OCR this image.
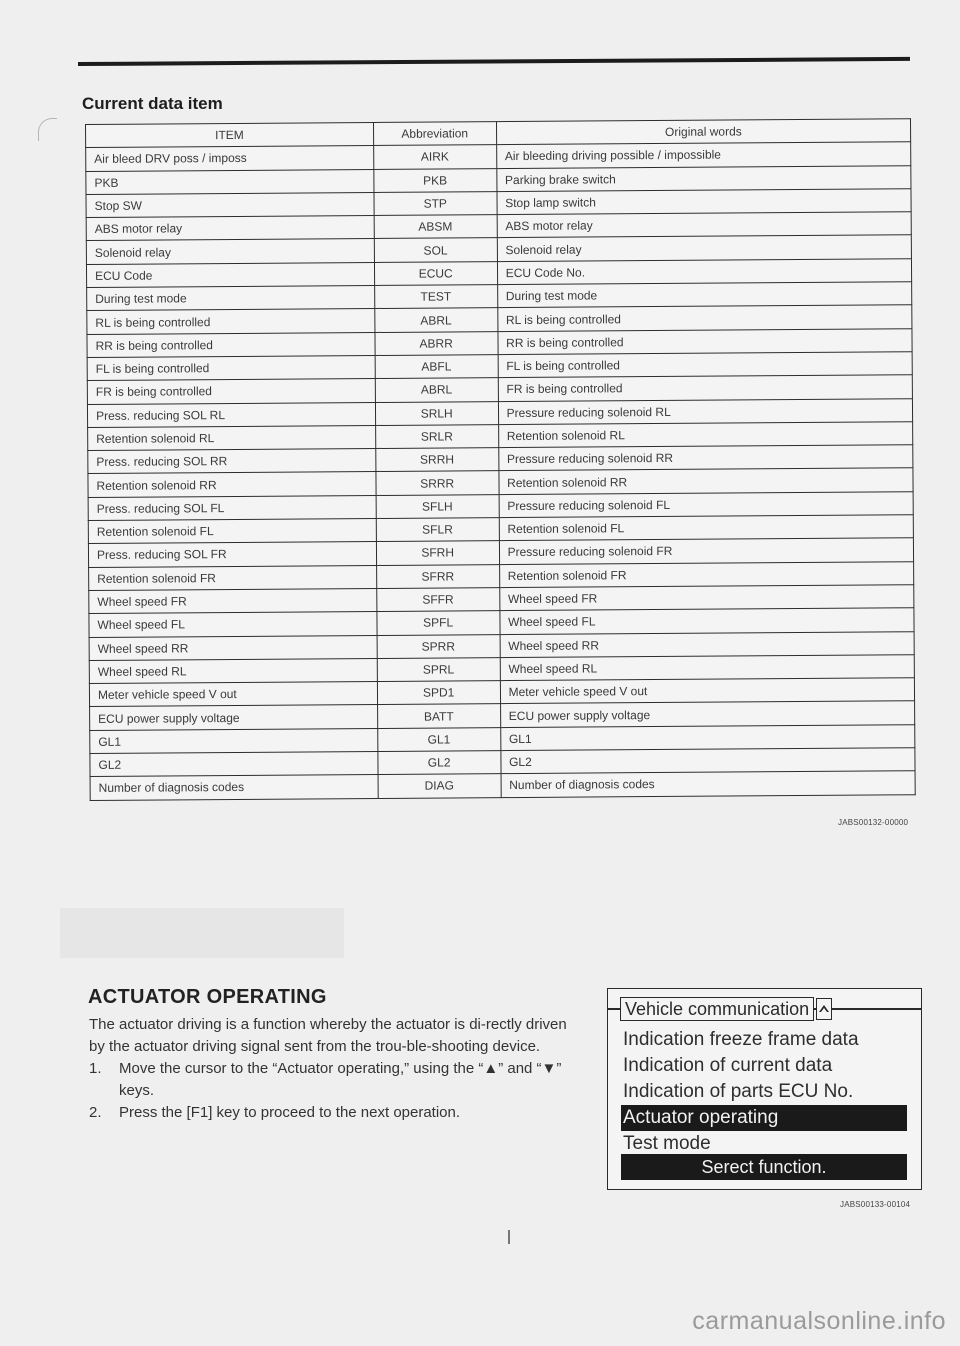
Current data item
ITEM	Abbreviation	Original words
Air bleed DRV poss / imposs	AIRK	Air bleeding driving possible / impossible
PKB	PKB	Parking brake switch
Stop SW	STP	Stop lamp switch
ABS motor relay	ABSM	ABS motor relay
Solenoid relay	SOL	Solenoid relay
ECU Code	ECUC	ECU Code No.
During test mode	TEST	During test mode
RL is being controlled	ABRL	RL is being controlled
RR is being controlled	ABRR	RR is being controlled
FL is being controlled	ABFL	FL is being controlled
FR is being controlled	ABRL	FR is being controlled
Press. reducing SOL RL	SRLH	Pressure reducing solenoid RL
Retention solenoid RL	SRLR	Retention solenoid RL
Press. reducing SOL RR	SRRH	Pressure reducing solenoid RR
Retention solenoid RR	SRRR	Retention solenoid RR
Press. reducing SOL FL	SFLH	Pressure reducing solenoid FL
Retention solenoid FL	SFLR	Retention solenoid FL
Press. reducing SOL FR	SFRH	Pressure reducing solenoid FR
Retention solenoid FR	SFRR	Retention solenoid FR
Wheel speed FR	SFFR	Wheel speed FR
Wheel speed FL	SPFL	Wheel speed FL
Wheel speed RR	SPRR	Wheel speed RR
Wheel speed RL	SPRL	Wheel speed RL
Meter vehicle speed V out	SPD1	Meter vehicle speed V out
ECU power supply voltage	BATT	ECU power supply voltage
GL1	GL1	GL1
GL2	GL2	GL2
Number of diagnosis codes	DIAG	Number of diagnosis codes
JABS00132-00000
ACTUATOR OPERATING

The actuator driving is a function whereby the actuator is di-rectly driven by the actuator driving signal sent from the trou-ble-shooting device.

1. Move the cursor to the “Actuator operating,” using the “▲” and “▼” keys.
2. Press the [F1] key to proceed to the next operation.
Vehicle communication
Indication freeze frame data
Indication of current data
Indication of parts ECU No.
Actuator operating
Test mode
Serect function.
JABS00133-00104
carmanualsonline.info
